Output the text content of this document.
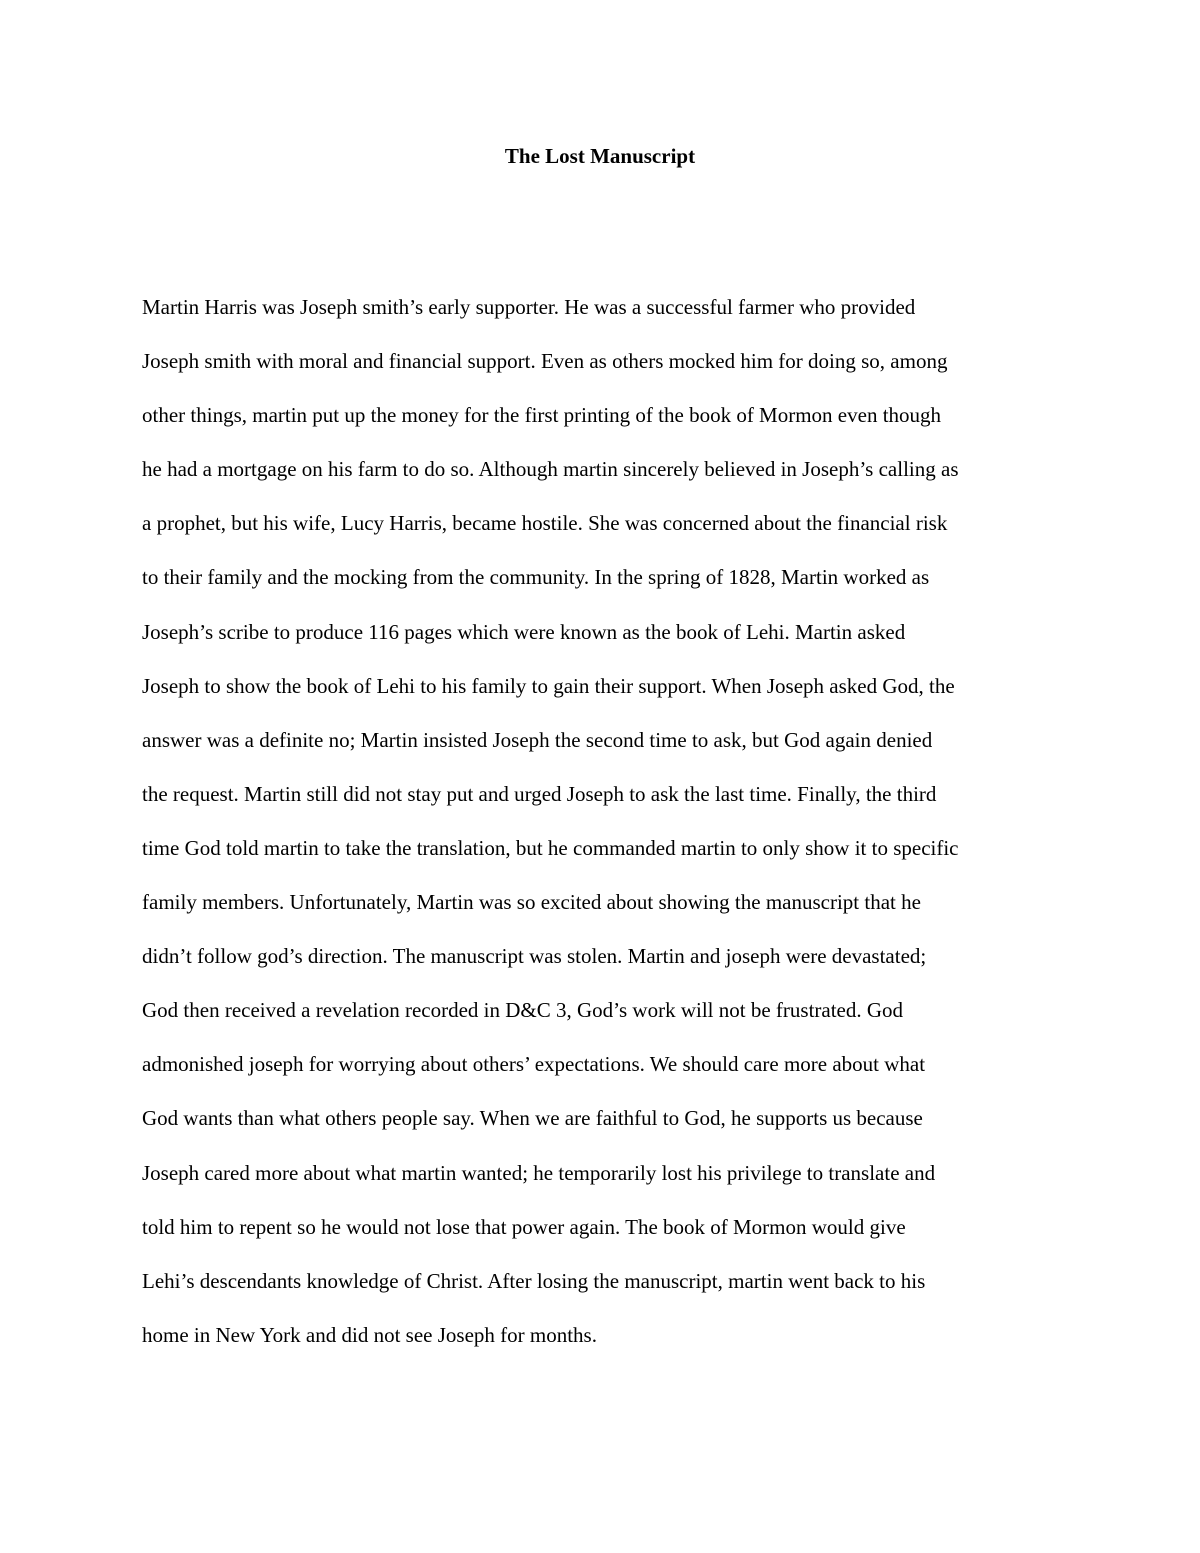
The Lost Manuscript
Martin Harris was Joseph smith’s early supporter. He was a successful farmer who provided
Joseph smith with moral and financial support. Even as others mocked him for doing so, among
other things, martin put up the money for the first printing of the book of Mormon even though
he had a mortgage on his farm to do so. Although martin sincerely believed in Joseph’s calling as
a prophet, but his wife, Lucy Harris, became hostile. She was concerned about the financial risk
to their family and the mocking from the community. In the spring of 1828, Martin worked as
Joseph’s scribe to produce 116 pages which were known as the book of Lehi. Martin asked
Joseph to show the book of Lehi to his family to gain their support. When Joseph asked God, the
answer was a definite no; Martin insisted Joseph the second time to ask, but God again denied
the request. Martin still did not stay put and urged Joseph to ask the last time. Finally, the third
time God told martin to take the translation, but he commanded martin to only show it to specific
family members. Unfortunately, Martin was so excited about showing the manuscript that he
didn’t follow god’s direction. The manuscript was stolen. Martin and joseph were devastated;
God then received a revelation recorded in D&C 3, God’s work will not be frustrated. God
admonished joseph for worrying about others’ expectations. We should care more about what
God wants than what others people say. When we are faithful to God, he supports us because
Joseph cared more about what martin wanted; he temporarily lost his privilege to translate and
told him to repent so he would not lose that power again. The book of Mormon would give
Lehi’s descendants knowledge of Christ. After losing the manuscript, martin went back to his
home in New York and did not see Joseph for months.
